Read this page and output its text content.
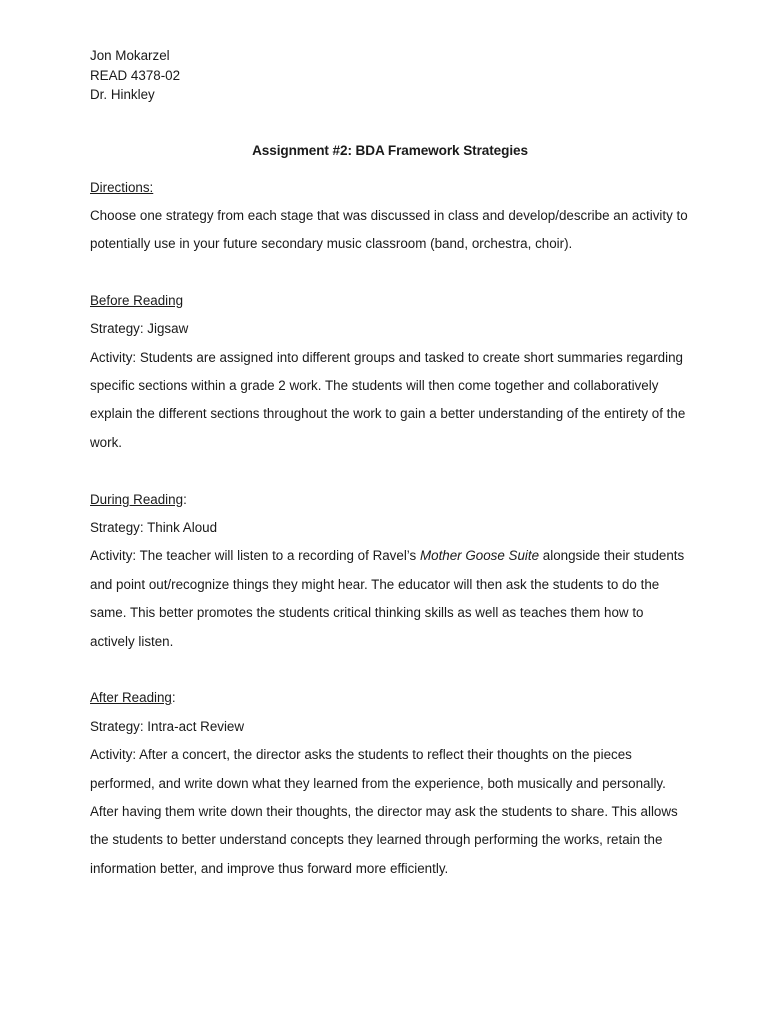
Jon Mokarzel

READ 4378-02

Dr. Hinkley

Assignment #2: BDA Framework Strategies

Directions:

Choose one strategy from each stage that was discussed in class and develop/describe an activity to potentially use in your future secondary music classroom (band, orchestra, choir).

Before Reading

Strategy: Jigsaw

Activity: Students are assigned into different groups and tasked to create short summaries regarding specific sections within a grade 2 work. The students will then come together and collaboratively explain the different sections throughout the work to gain a better understanding of the entirety of the work.

During Reading:

Strategy: Think Aloud

Activity: The teacher will listen to a recording of Ravel’s Mother Goose Suite alongside their students and point out/recognize things they might hear. The educator will then ask the students to do the same. This better promotes the students critical thinking skills as well as teaches them how to actively listen.

After Reading:

Strategy: Intra-act Review

Activity: After a concert, the director asks the students to reflect their thoughts on the pieces performed, and write down what they learned from the experience, both musically and personally. After having them write down their thoughts, the director may ask the students to share. This allows the students to better understand concepts they learned through performing the works, retain the information better, and improve thus forward more efficiently.
